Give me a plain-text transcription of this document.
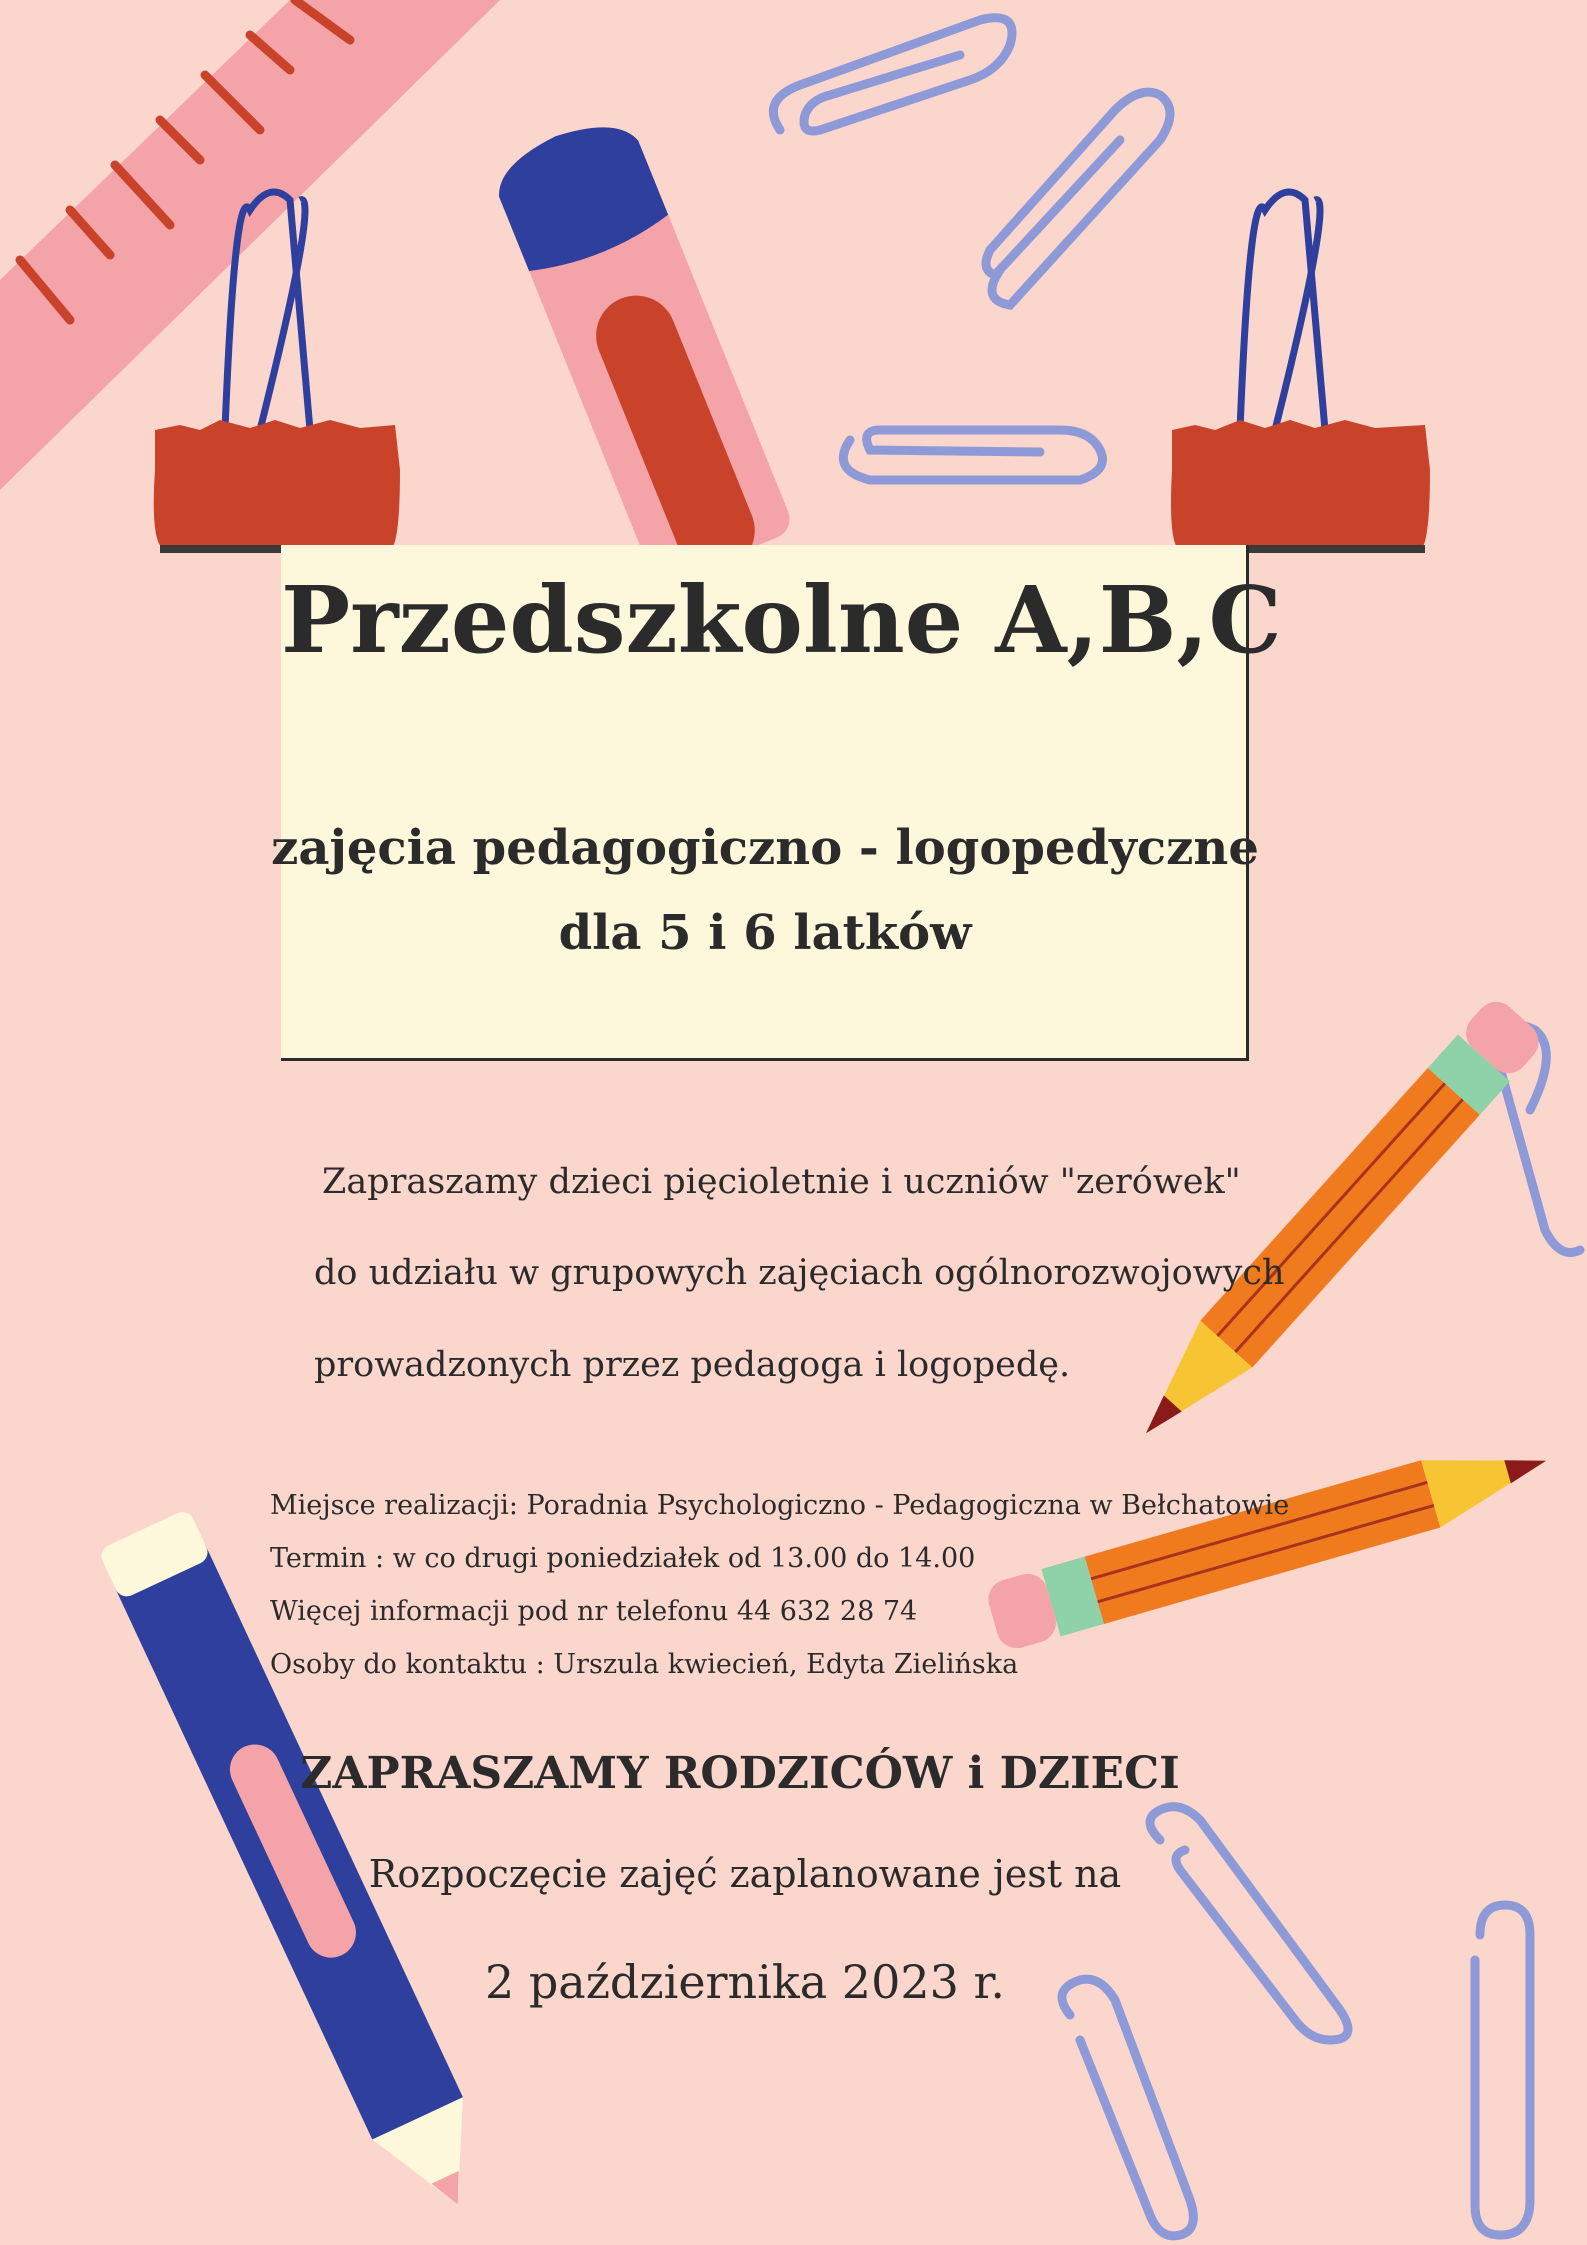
Przedszkolne A,B,C
zajęcia pedagogiczno - logopedyczne
dla 5 i 6 latków
Zapraszamy dzieci pięcioletnie i uczniów "zerówek"
do udziału w grupowych zajęciach ogólnorozwojowych
prowadzonych przez pedagoga i logopedę.
Miejsce realizacji: Poradnia Psychologiczno - Pedagogiczna w Bełchatowie
Termin : w co drugi poniedziałek od 13.00 do 14.00
Więcej informacji pod nr telefonu 44 632 28 74
Osoby do kontaktu : Urszula kwiecień, Edyta Zielińska
ZAPRASZAMY RODZICÓW i DZIECI
Rozpoczęcie zajęć zaplanowane jest na
2 października 2023 r.
